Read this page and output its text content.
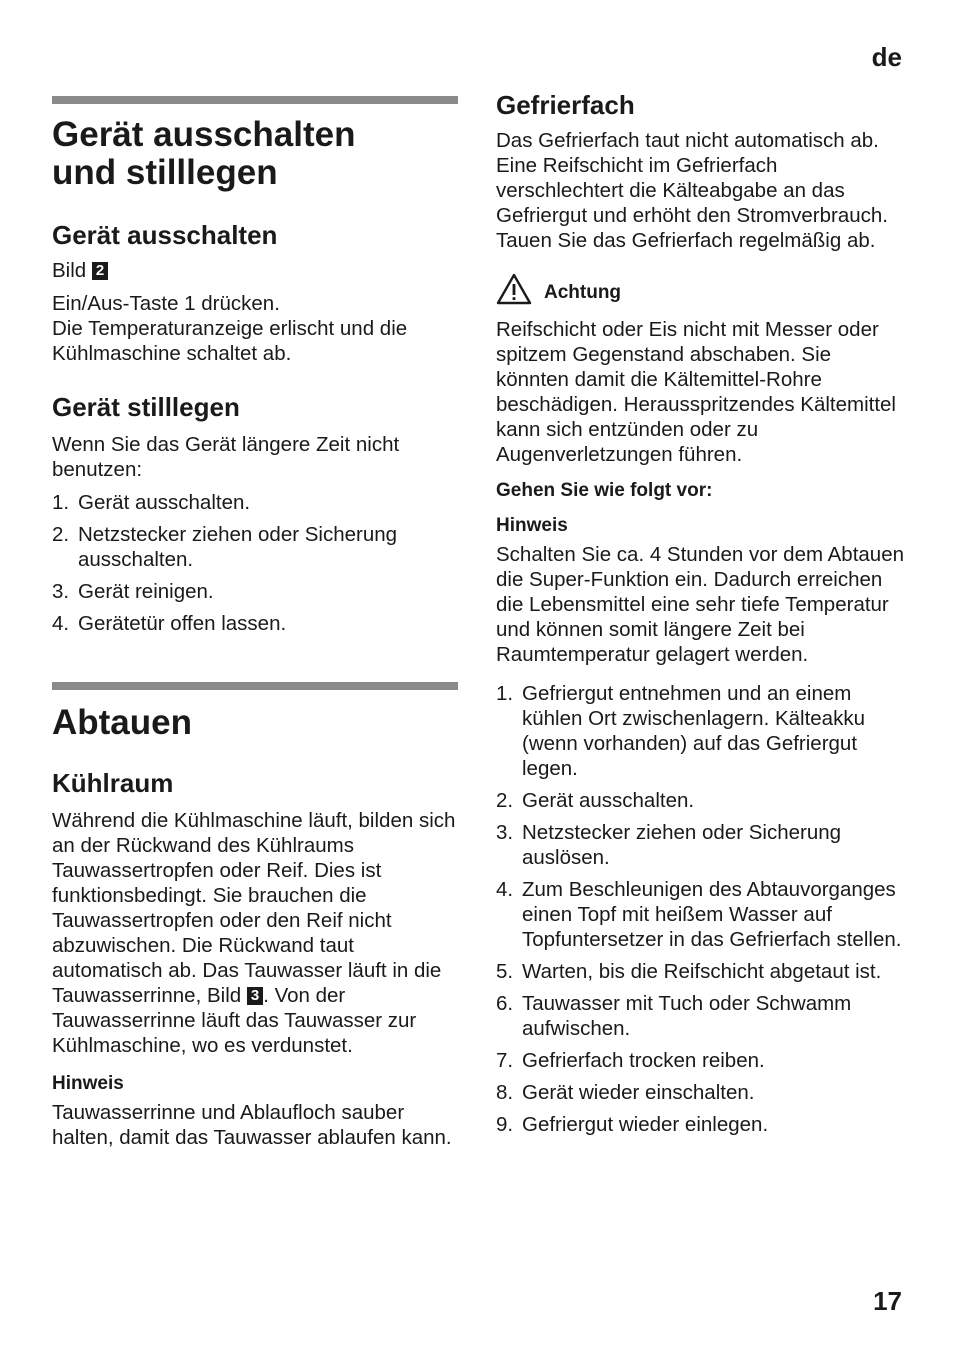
de
Gerät ausschalten
und stilllegen
Gerät ausschalten

Bild 2

Ein/Aus-Taste 1 drücken.
Die Temperaturanzeige erlischt und die Kühlmaschine schaltet ab.

Gerät stilllegen

Wenn Sie das Gerät längere Zeit nicht benutzen:

1. Gerät ausschalten.
2. Netzstecker ziehen oder Sicherung ausschalten.
3. Gerät reinigen.
4. Gerätetür offen lassen.
Abtauen
Kühlraum

Während die Kühlmaschine läuft, bilden sich an der Rückwand des Kühlraums Tauwassertropfen oder Reif. Dies ist funktionsbedingt. Sie brauchen die Tauwassertropfen oder den Reif nicht abzuwischen. Die Rückwand taut automatisch ab. Das Tauwasser läuft in die Tauwasserrinne, Bild 3 . Von der Tauwasserrinne läuft das Tauwasser zur Kühlmaschine, wo es verdunstet.

Hinweis

Tauwasserrinne und Ablaufloch sauber halten, damit das Tauwasser ablaufen kann.

Gefrierfach

Das Gefrierfach taut nicht automatisch ab. Eine Reifschicht im Gefrierfach verschlechtert die Kälteabgabe an das Gefriergut und erhöht den Stromverbrauch. Tauen Sie das Gefrierfach regelmäßig ab.

Achtung

Reifschicht oder Eis nicht mit Messer oder spitzem Gegenstand abschaben. Sie könnten damit die Kältemittel-Rohre beschädigen. Herausspritzendes Kältemittel kann sich entzünden oder zu Augenverletzungen führen.

Gehen Sie wie folgt vor:

Hinweis

Schalten Sie ca. 4 Stunden vor dem Abtauen die Super-Funktion ein. Dadurch erreichen die Lebensmittel eine sehr tiefe Temperatur und können somit längere Zeit bei Raumtemperatur gelagert werden.

1. Gefriergut entnehmen und an einem kühlen Ort zwischenlagern. Kälteakku (wenn vorhanden) auf das Gefriergut legen.
2. Gerät ausschalten.
3. Netzstecker ziehen oder Sicherung auslösen.
4. Zum Beschleunigen des Abtauvorganges einen Topf mit heißem Wasser auf Topfuntersetzer in das Gefrierfach stellen.
5. Warten, bis die Reifschicht abgetaut ist.
6. Tauwasser mit Tuch oder Schwamm aufwischen.
7. Gefrierfach trocken reiben.
8. Gerät wieder einschalten.
9. Gefriergut wieder einlegen.
17
